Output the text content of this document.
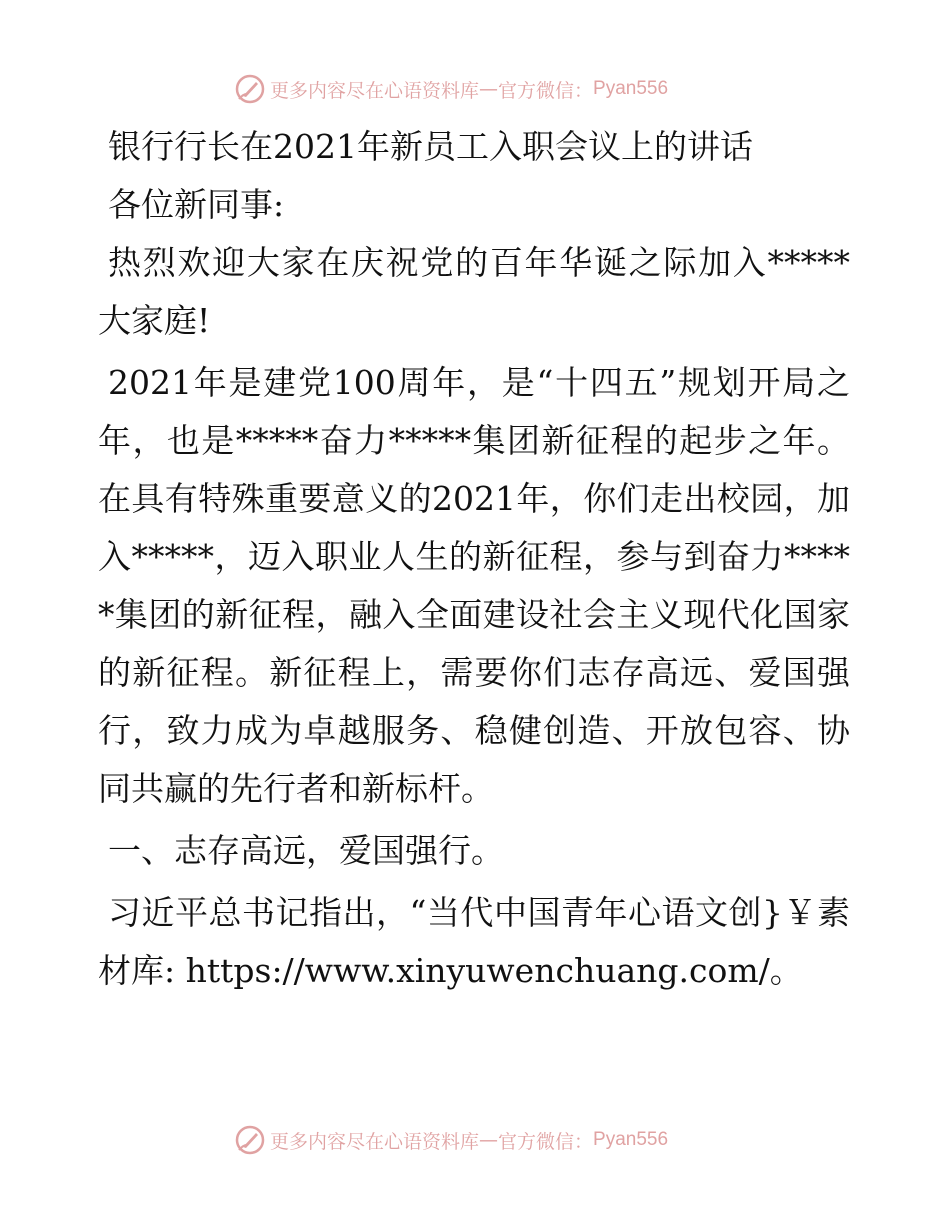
更多内容尽在心语资料库 — 官方微信： Pyan556

银行行长在2021年新员工入职会议上的讲话

各位新同事:

热烈欢迎大家在庆祝党的百年华诞之际加入*****大家庭!

2021年是建党100周年，是“十四五”规划开局之年，也是*****奋力*****集团新征程的起步之年。在具有特殊重要意义的2021年，你们走出校园，加入*****，迈入职业人生的新征程，参与到奋力*****集团的新征程，融入全面建设社会主义现代化国家的新征程。新征程上，需要你们志存高远、爱国强行，致力成为卓越服务、稳健创造、开放包容、协同共赢的先行者和新标杆。

一、志存高远，爱国强行。

习近平总书记指出，“当代中国青年心语文创}￥素材库: https://www.xinyuwenchuang.com/。

更多内容尽在心语资料库 — 官方微信： Pyan556
